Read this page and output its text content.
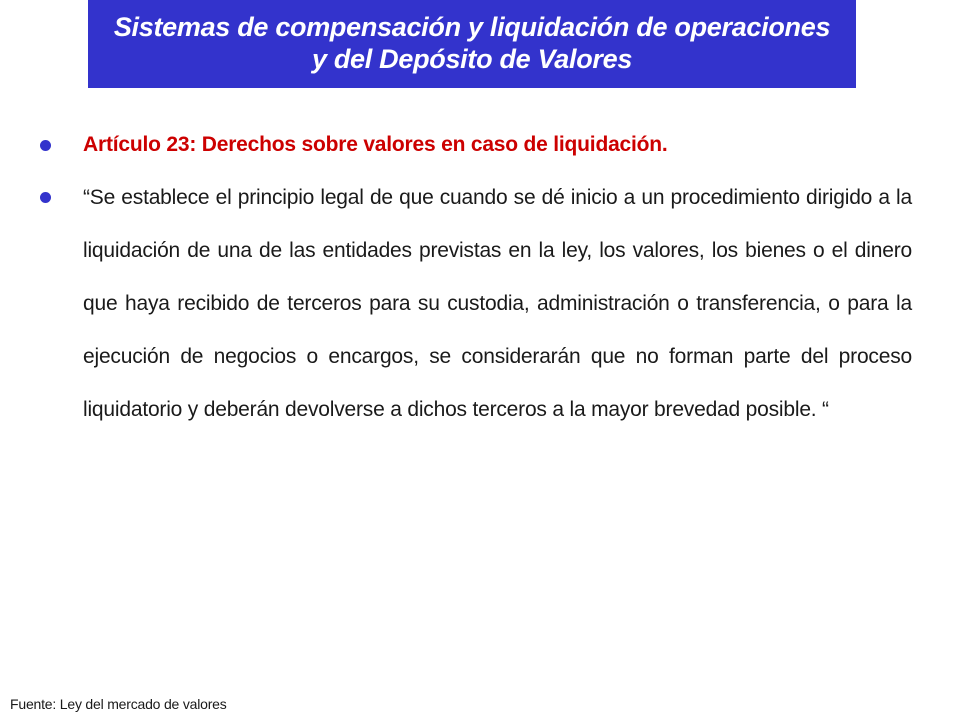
Sistemas de compensación y liquidación de operaciones y del Depósito de Valores
Artículo 23: Derechos sobre valores en caso de liquidación.
“Se establece el principio legal de que cuando se dé inicio a un procedimiento dirigido a la liquidación de una de las entidades previstas en la ley, los valores, los bienes o el dinero que haya recibido de terceros para su custodia, administración o transferencia, o para la ejecución de negocios o encargos, se considerarán que no forman parte del proceso liquidatorio y deberán devolverse a dichos terceros a la mayor brevedad posible. “
Fuente: Ley del mercado de valores
